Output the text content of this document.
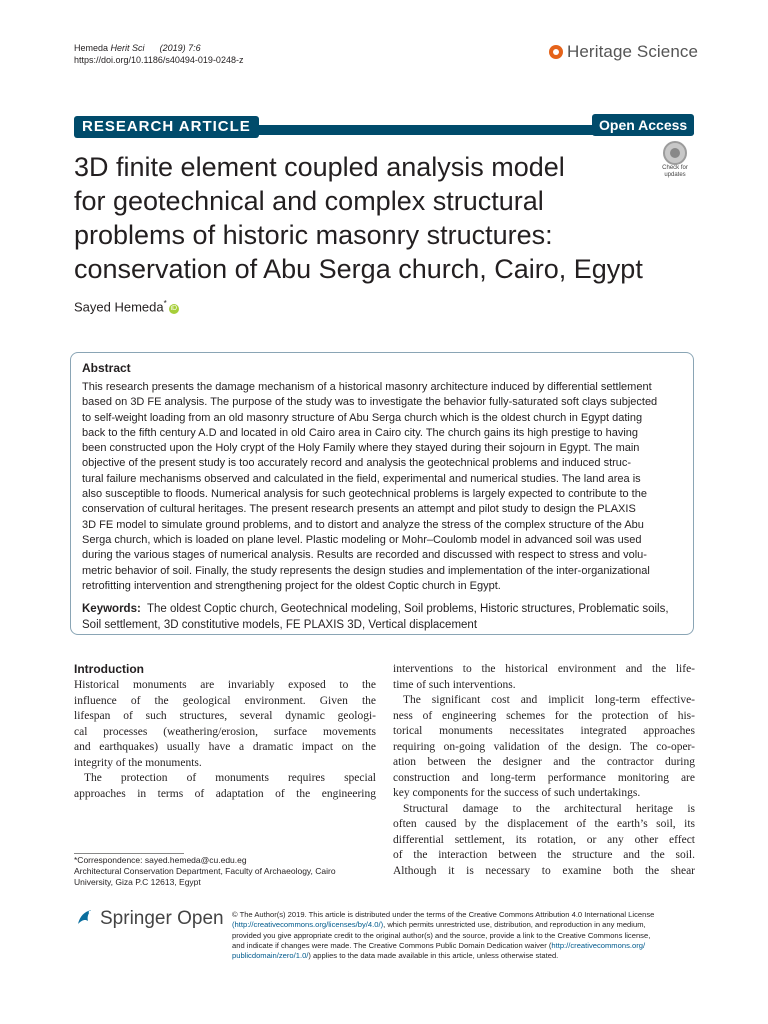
Hemeda Herit Sci (2019) 7:6
https://doi.org/10.1186/s40494-019-0248-z	Heritage Science
RESEARCH ARTICLE	Open Access
Check for
updates
3D finite element coupled analysis model
for geotechnical and complex structural
problems of historic masonry structures:
conservation of Abu Serga church, Cairo, Egypt
Sayed Hemeda*iD
Abstract
This research presents the damage mechanism of a historical masonry architecture induced by differential settlement
based on 3D FE analysis. The purpose of the study was to investigate the behavior fully-saturated soft clays subjected
to self-weight loading from an old masonry structure of Abu Serga church which is the oldest church in Egypt dating
back to the fifth century A.D and located in old Cairo area in Cairo city. The church gains its high prestige to having
been constructed upon the Holy crypt of the Holy Family where they stayed during their sojourn in Egypt. The main
objective of the present study is too accurately record and analysis the geotechnical problems and induced struc-
tural failure mechanisms observed and calculated in the field, experimental and numerical studies. The land area is
also susceptible to floods. Numerical analysis for such geotechnical problems is largely expected to contribute to the
conservation of cultural heritages. The present research presents an attempt and pilot study to design the PLAXIS
3D FE model to simulate ground problems, and to distort and analyze the stress of the complex structure of the Abu
Serga church, which is loaded on plane level. Plastic modeling or Mohr–Coulomb model in advanced soil was used
during the various stages of numerical analysis. Results are recorded and discussed with respect to stress and volu-
metric behavior of soil. Finally, the study represents the design studies and implementation of the inter-organizational
retrofitting intervention and strengthening project for the oldest Coptic church in Egypt.
Keywords: The oldest Coptic church, Geotechnical modeling, Soil problems, Historic structures, Problematic soils,
Soil settlement, 3D constitutive models, FE PLAXIS 3D, Vertical displacement
Introduction
Historical monuments are invariably exposed to the
influence of the geological environment. Given the
lifespan of such structures, several dynamic geologi-
cal processes (weathering/erosion, surface movements
and earthquakes) usually have a dramatic impact on the
integrity of the monuments.
The protection of monuments requires special
approaches in terms of adaptation of the engineering
interventions to the historical environment and the life-
time of such interventions.
The significant cost and implicit long-term effective-
ness of engineering schemes for the protection of his-
torical monuments necessitates integrated approaches
requiring on-going validation of the design. The co-oper-
ation between the designer and the contractor during
construction and long-term performance monitoring are
key components for the success of such undertakings.
Structural damage to the architectural heritage is
often caused by the displacement of the earth’s soil, its
differential settlement, its rotation, or any other effect
of the interaction between the structure and the soil.
Although it is necessary to examine both the shear
*Correspondence: sayed.hemeda@cu.edu.eg
Architectural Conservation Department, Faculty of Archaeology, Cairo
University, Giza P.C 12613, Egypt
Springer Open © The Author(s) 2019. This article is distributed under the terms of the Creative Commons Attribution 4.0 International License
(http://creativecommons.org/licenses/by/4.0/), which permits unrestricted use, distribution, and reproduction in any medium,
provided you give appropriate credit to the original author(s) and the source, provide a link to the Creative Commons license,
and indicate if changes were made. The Creative Commons Public Domain Dedication waiver (http://creativecommons.org/
publicdomain/zero/1.0/) applies to the data made available in this article, unless otherwise stated.
